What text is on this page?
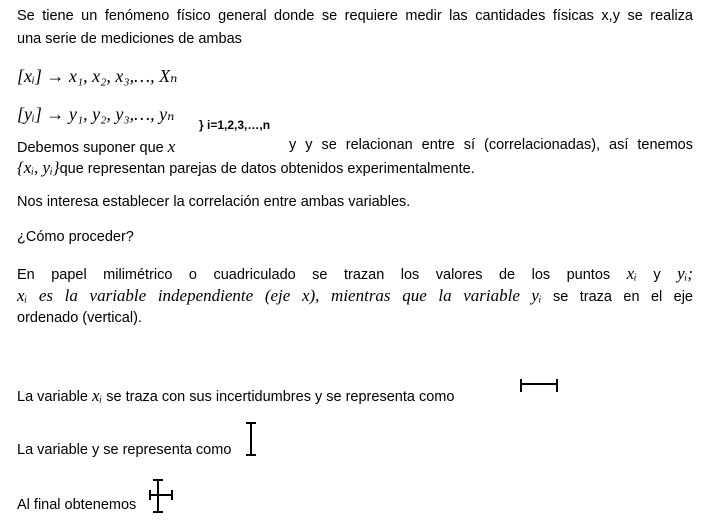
Se tiene un fenómeno físico general donde se requiere medir las cantidades físicas x,y se realiza
una serie de mediciones de ambas
[xᵢ] → x₁, x₂, x₃,…, Xₙ
[yᵢ] → y₁, y₂, y₃,…, yₙ
} i=1,2,3,…,n
Debemos suponer que x	y y se relacionan entre sí (correlacionadas), así tenemos
{xᵢ, yᵢ}que representan parejas de datos obtenidos experimentalmente.
Nos interesa establecer la correlación entre ambas variables.
¿Cómo proceder?
En papel milimétrico o cuadriculado se trazan los valores de los puntos xᵢ y yᵢ;
xᵢ es la variable independiente (eje x), mientras que la variable yᵢ se traza en el eje
ordenado (vertical).
La variable xᵢ se traza con sus incertidumbres y se representa como
La variable y se representa como
Al final obtenemos
